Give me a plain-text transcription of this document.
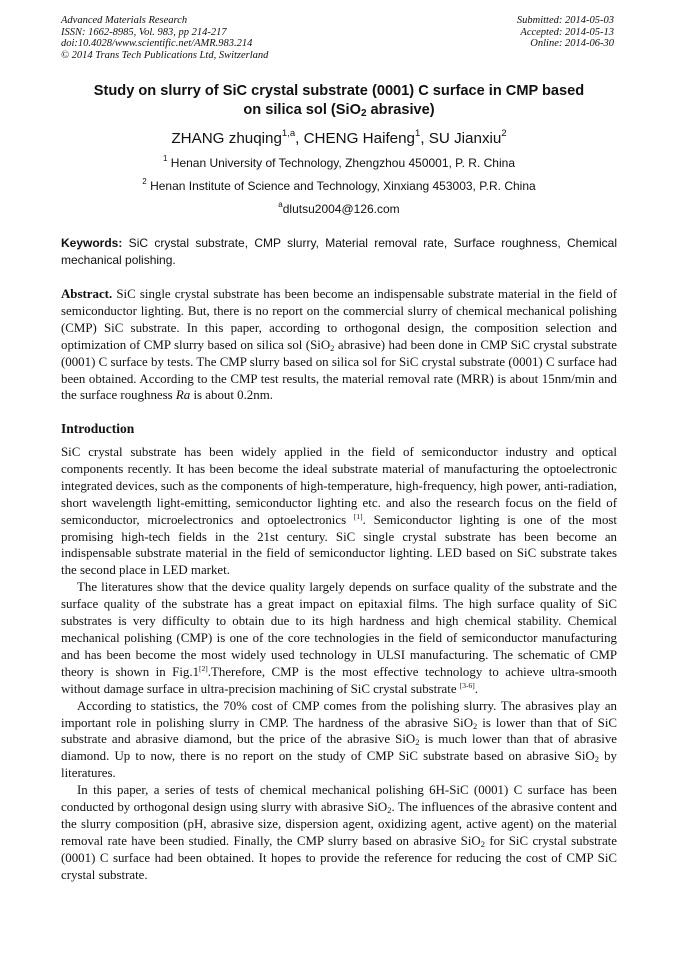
Advanced Materials Research
ISSN: 1662-8985, Vol. 983, pp 214-217
doi:10.4028/www.scientific.net/AMR.983.214
© 2014 Trans Tech Publications Ltd, Switzerland
Submitted: 2014-05-03
Accepted: 2014-05-13
Online: 2014-06-30
Study on slurry of SiC crystal substrate (0001) C surface in CMP based
on silica sol (SiO$_2$ abrasive)
ZHANG zhuqing$^{1,a}$, CHENG Haifeng$^1$, SU Jianxiu$^2$
$^1$ Henan University of Technology, Zhengzhou 450001, P. R. China
$^2$ Henan Institute of Science and Technology, Xinxiang 453003, P.R. China
$^a$dlutsu2004@126.com
Keywords: SiC crystal substrate, CMP slurry, Material removal rate, Surface roughness, Chemical mechanical polishing.

Abstract. SiC single crystal substrate has been become an indispensable substrate material in the field of semiconductor lighting. But, there is no report on the commercial slurry of chemical mechanical polishing (CMP) SiC substrate. In this paper, according to orthogonal design, the composition selection and optimization of CMP slurry based on silica sol (SiO$_2$ abrasive) had been done in CMP SiC crystal substrate (0001) C surface by tests. The CMP slurry based on silica sol for SiC crystal substrate (0001) C surface had been obtained. According to the CMP test results, the material removal rate (MRR) is about 15nm/min and the surface roughness Ra is about 0.2nm.

Introduction

SiC crystal substrate has been widely applied in the field of semiconductor industry and optical components recently. It has been become the ideal substrate material of manufacturing the optoelectronic integrated devices, such as the components of high-temperature, high-frequency, high power, anti-radiation, short wavelength light-emitting, semiconductor lighting etc. and also the research focus on the field of semiconductor, microelectronics and optoelectronics [1]. Semiconductor lighting is one of the most promising high-tech fields in the 21st century. SiC single crystal substrate has been become an indispensable substrate material in the field of semiconductor lighting. LED based on SiC substrate takes the second place in LED market.

The literatures show that the device quality largely depends on surface quality of the substrate and the surface quality of the substrate has a great impact on epitaxial films. The high surface quality of SiC substrates is very difficulty to obtain due to its high hardness and high chemical stability. Chemical mechanical polishing (CMP) is one of the core technologies in the field of semiconductor manufacturing and has been become the most widely used technology in ULSI manufacturing. The schematic of CMP theory is shown in Fig.1[2].Therefore, CMP is the most effective technology to achieve ultra-smooth without damage surface in ultra-precision machining of SiC crystal substrate [3-6].

According to statistics, the 70% cost of CMP comes from the polishing slurry. The abrasives play an important role in polishing slurry in CMP. The hardness of the abrasive SiO$_2$ is lower than that of SiC substrate and abrasive diamond, but the price of the abrasive SiO$_2$ is much lower than that of abrasive diamond. Up to now, there is no report on the study of CMP SiC substrate based on abrasive SiO$_2$ by literatures.

In this paper, a series of tests of chemical mechanical polishing 6H-SiC (0001) C surface has been conducted by orthogonal design using slurry with abrasive SiO$_2$. The influences of the abrasive content and the slurry composition (pH, abrasive size, dispersion agent, oxidizing agent, active agent) on the material removal rate have been studied. Finally, the CMP slurry based on abrasive SiO$_2$ for SiC crystal substrate (0001) C surface had been obtained. It hopes to provide the reference for reducing the cost of CMP SiC crystal substrate.
